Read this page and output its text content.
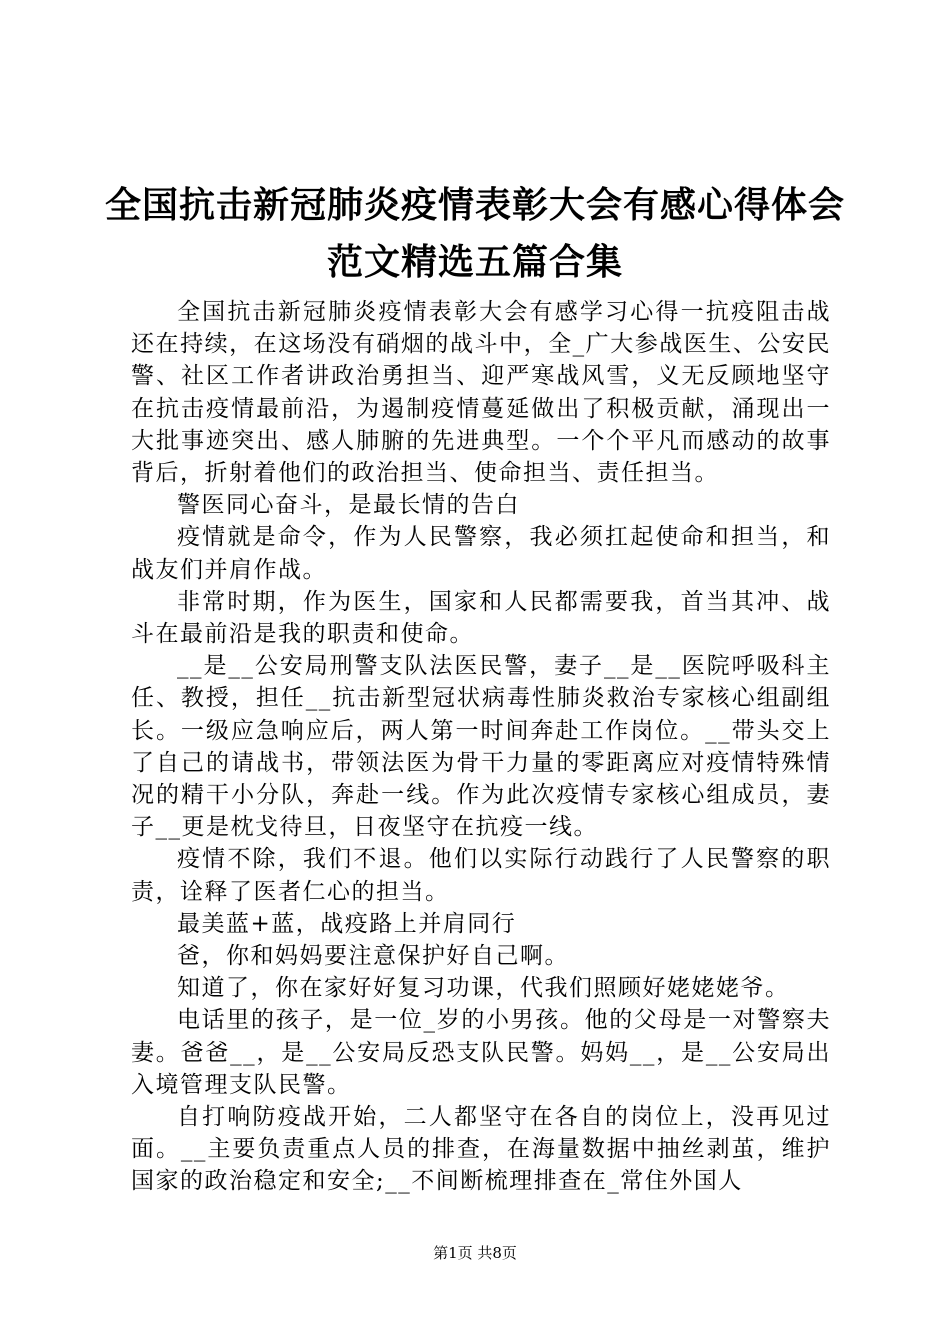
全国抗击新冠肺炎疫情表彰大会有感心得体会
范文精选五篇合集

全国抗击新冠肺炎疫情表彰大会有感学习心得一抗疫阻击战还在持续，在这场没有硝烟的战斗中，全_广大参战医生、公安民警、社区工作者讲政治勇担当、迎严寒战风雪，义无反顾地坚守在抗击疫情最前沿，为遏制疫情蔓延做出了积极贡献，涌现出一大批事迹突出、感人肺腑的先进典型。一个个平凡而感动的故事背后，折射着他们的政治担当、使命担当、责任担当。

警医同心奋斗，是最长情的告白

疫情就是命令，作为人民警察，我必须扛起使命和担当，和战友们并肩作战。

非常时期，作为医生，国家和人民都需要我，首当其冲、战斗在最前沿是我的职责和使命。

__是__公安局刑警支队法医民警，妻子__是__医院呼吸科主任、教授，担任__抗击新型冠状病毒性肺炎救治专家核心组副组长。一级应急响应后，两人第一时间奔赴工作岗位。__带头交上了自己的请战书，带领法医为骨干力量的零距离应对疫情特殊情况的精干小分队，奔赴一线。作为此次疫情专家核心组成员，妻子__更是枕戈待旦，日夜坚守在抗疫一线。

疫情不除，我们不退。他们以实际行动践行了人民警察的职责，诠释了医者仁心的担当。

最美蓝+蓝，战疫路上并肩同行

爸，你和妈妈要注意保护好自己啊。

知道了，你在家好好复习功课，代我们照顾好姥姥姥爷。

电话里的孩子，是一位_岁的小男孩。他的父母是一对警察夫妻。爸爸__，是__公安局反恐支队民警。妈妈__，是__公安局出入境管理支队民警。

自打响防疫战开始，二人都坚守在各自的岗位上，没再见过面。__主要负责重点人员的排查，在海量数据中抽丝剥茧，维护国家的政治稳定和安全;__不间断梳理排查在_常住外国人

第1页 共8页
